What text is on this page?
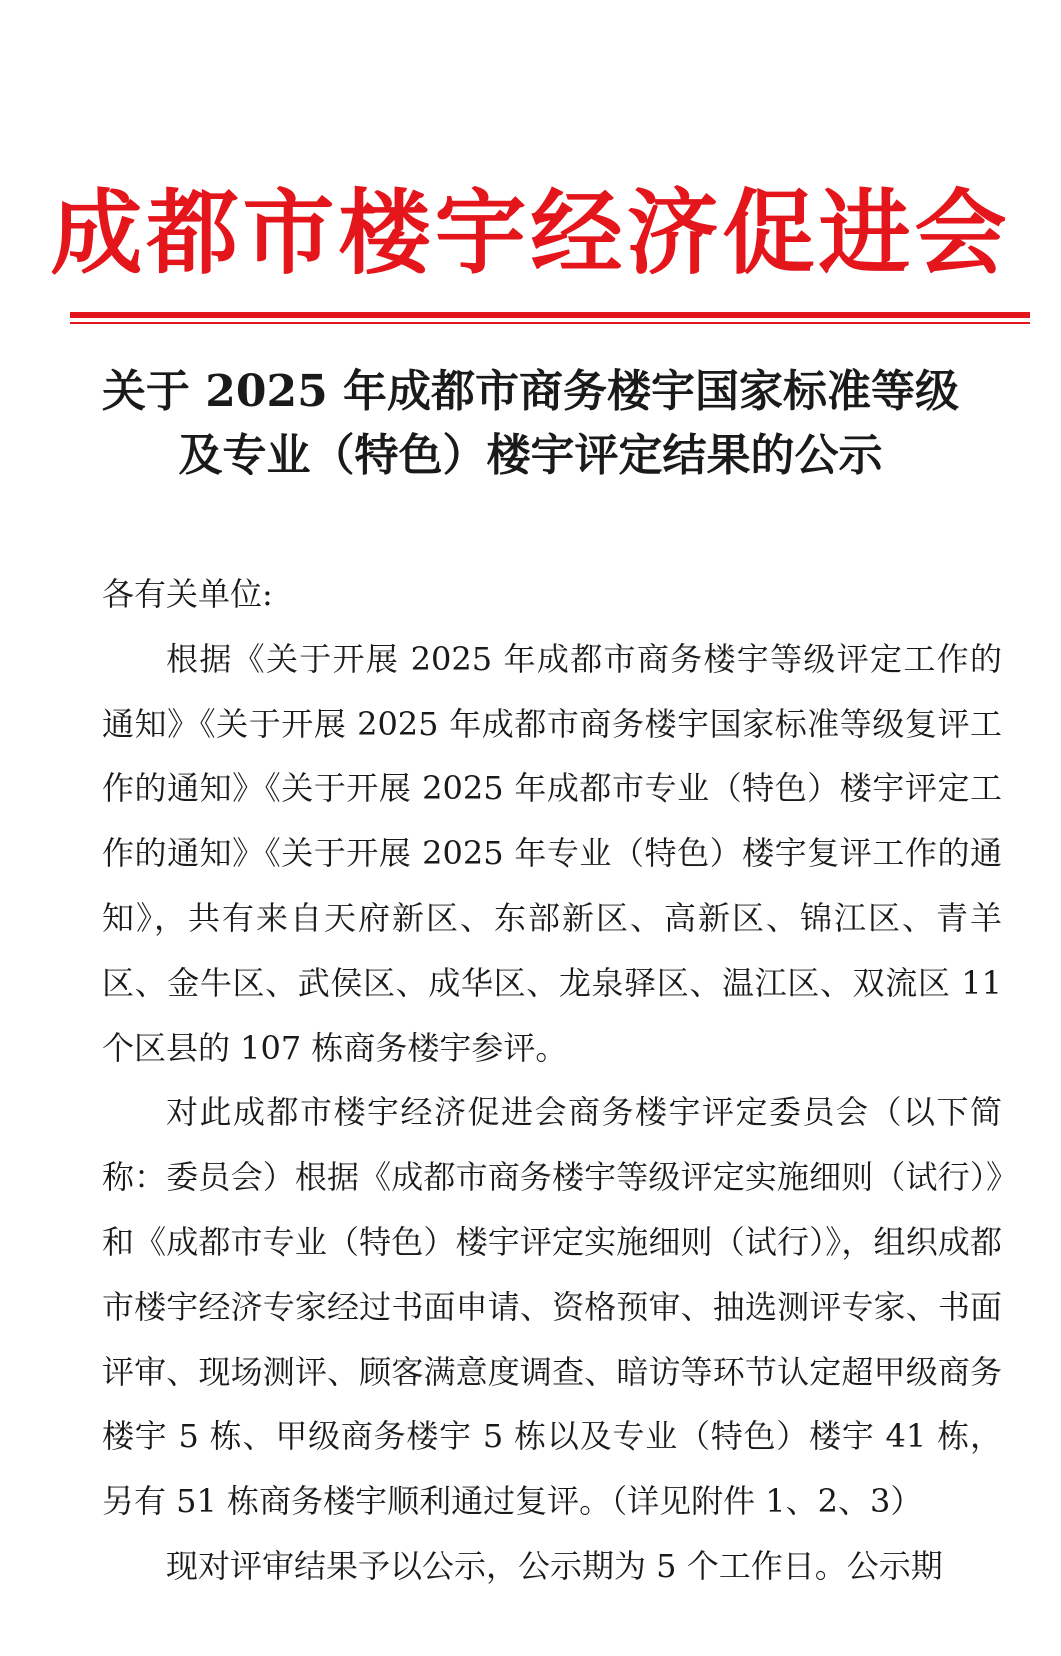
成都市楼宇经济促进会
关于 2025 年成都市商务楼宇国家标准等级
及专业（特色）楼宇评定结果的公示
各有关单位:

根据《关于开展 2025 年成都市商务楼宇等级评定工作的通知》《关于开展 2025 年成都市商务楼宇国家标准等级复评工作的通知》《关于开展 2025 年成都市专业（特色）楼宇评定工作的通知》《关于开展 2025 年专业（特色）楼宇复评工作的通知》，共有来自天府新区、东部新区、高新区、锦江区、青羊区、金牛区、武侯区、成华区、龙泉驿区、温江区、双流区 11 个区县的 107 栋商务楼宇参评。

对此成都市楼宇经济促进会商务楼宇评定委员会（以下简称：委员会）根据《成都市商务楼宇等级评定实施细则（试行）》和《成都市专业（特色）楼宇评定实施细则（试行）》，组织成都市楼宇经济专家经过书面申请、资格预审、抽选测评专家、书面评审、现场测评、顾客满意度调查、暗访等环节认定超甲级商务楼宇 5 栋、甲级商务楼宇 5 栋以及专业（特色）楼宇 41 栋，另有 51 栋商务楼宇顺利通过复评。（详见附件 1、2、3）

现对评审结果予以公示，公示期为 5 个工作日。公示期
